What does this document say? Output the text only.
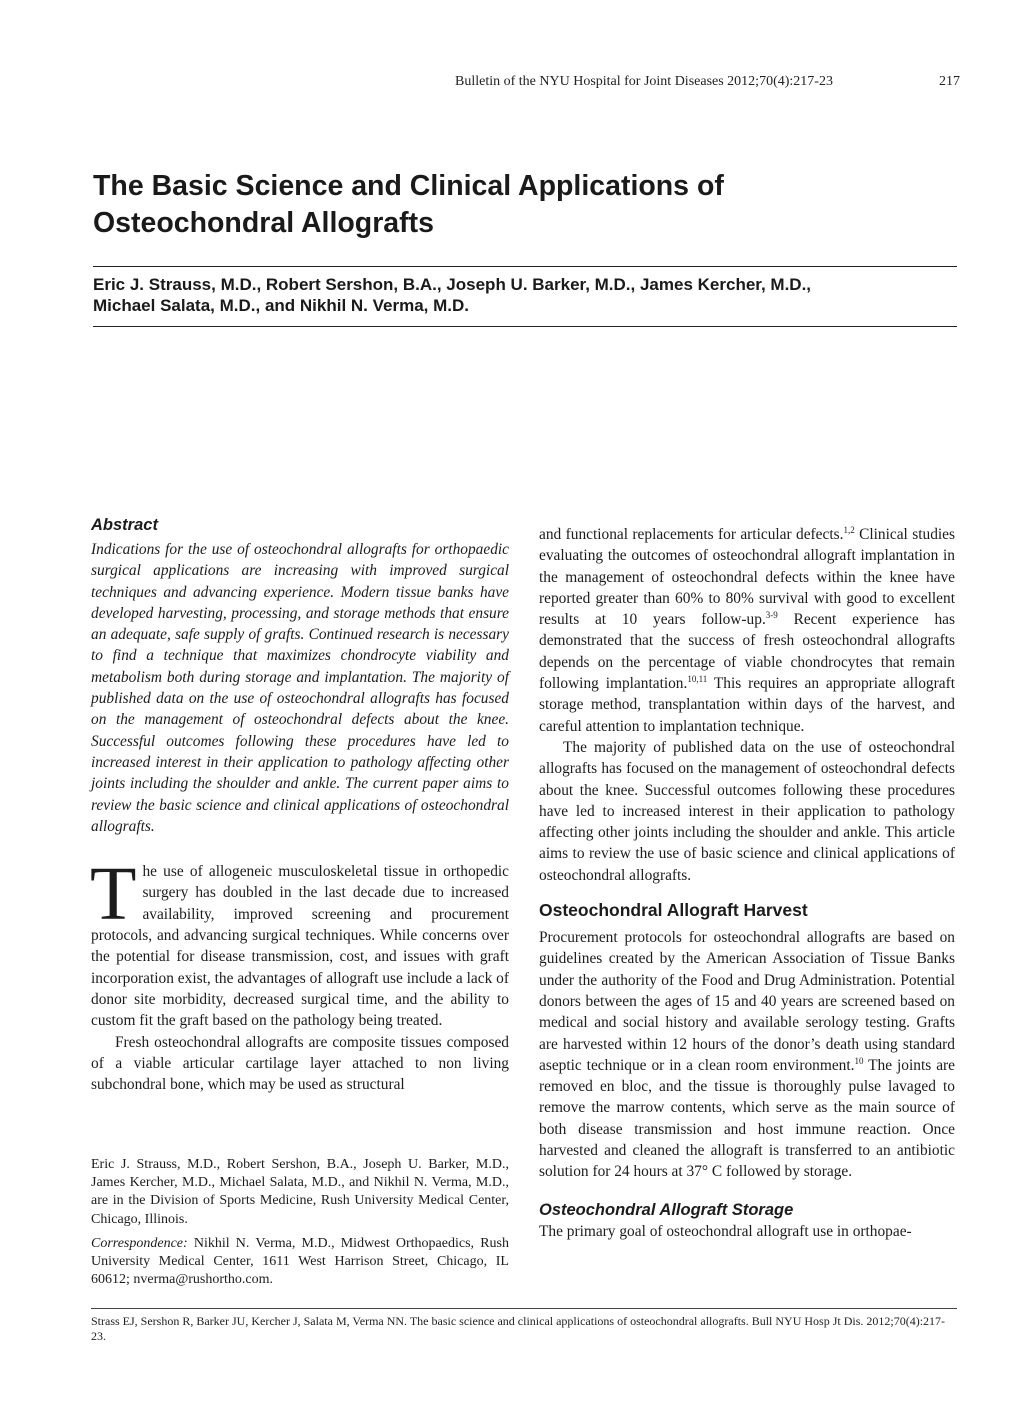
Bulletin of the NYU Hospital for Joint Diseases 2012;70(4):217-23	217
The Basic Science and Clinical Applications of
Osteochondral Allografts
Eric J. Strauss, M.D., Robert Sershon, B.A., Joseph U. Barker, M.D., James Kercher, M.D.,
Michael Salata, M.D., and Nikhil N. Verma, M.D.
Abstract

Indications for the use of osteochondral allografts for orthopaedic surgical applications are increasing with improved surgical techniques and advancing experience. Modern tissue banks have developed harvesting, processing, and storage methods that ensure an adequate, safe supply of grafts. Continued research is necessary to find a technique that maximizes chondrocyte viability and metabolism both during storage and implantation. The majority of published data on the use of osteochondral allografts has focused on the management of osteochondral defects about the knee. Successful outcomes following these procedures have led to increased interest in their application to pathology affecting other joints including the shoulder and ankle. The current paper aims to review the basic science and clinical applications of osteochondral allografts.

The use of allogeneic musculoskeletal tissue in orthopedic surgery has doubled in the last decade due to increased availability, improved screening and procurement protocols, and advancing surgical techniques. While concerns over the potential for disease transmission, cost, and issues with graft incorporation exist, the advantages of allograft use include a lack of donor site morbidity, decreased surgical time, and the ability to custom fit the graft based on the pathology being treated.

Fresh osteochondral allografts are composite tissues composed of a viable articular cartilage layer attached to non living subchondral bone, which may be used as structural

Eric J. Strauss, M.D., Robert Sershon, B.A., Joseph U. Barker, M.D., James Kercher, M.D., Michael Salata, M.D., and Nikhil N. Verma, M.D., are in the Division of Sports Medicine, Rush University Medical Center, Chicago, Illinois.

Correspondence: Nikhil N. Verma, M.D., Midwest Orthopaedics, Rush University Medical Center, 1611 West Harrison Street, Chicago, IL 60612; nverma@rushortho.com.

and functional replacements for articular defects.$^{1,2}$ Clinical studies evaluating the outcomes of osteochondral allograft implantation in the management of osteochondral defects within the knee have reported greater than 60% to 80% survival with good to excellent results at 10 years follow-up.$^{3-9}$ Recent experience has demonstrated that the success of fresh osteochondral allografts depends on the percentage of viable chondrocytes that remain following implantation.$^{10,11}$ This requires an appropriate allograft storage method, transplantation within days of the harvest, and careful attention to implantation technique.

The majority of published data on the use of osteochondral allografts has focused on the management of osteochondral defects about the knee. Successful outcomes following these procedures have led to increased interest in their application to pathology affecting other joints including the shoulder and ankle. This article aims to review the use of basic science and clinical applications of osteochondral allografts.

Osteochondral Allograft Harvest

Procurement protocols for osteochondral allografts are based on guidelines created by the American Association of Tissue Banks under the authority of the Food and Drug Administration. Potential donors between the ages of 15 and 40 years are screened based on medical and social history and available serology testing. Grafts are harvested within 12 hours of the donor’s death using standard aseptic technique or in a clean room environment.$^{10}$ The joints are removed en bloc, and the tissue is thoroughly pulse lavaged to remove the marrow contents, which serve as the main source of both disease transmission and host immune reaction. Once harvested and cleaned the allograft is transferred to an antibiotic solution for 24 hours at 37° C followed by storage.

Osteochondral Allograft Storage

The primary goal of osteochondral allograft use in orthopae-

Strass EJ, Sershon R, Barker JU, Kercher J, Salata M, Verma NN. The basic science and clinical applications of osteochondral allografts. Bull NYU Hosp Jt Dis. 2012;70(4):217-23.
